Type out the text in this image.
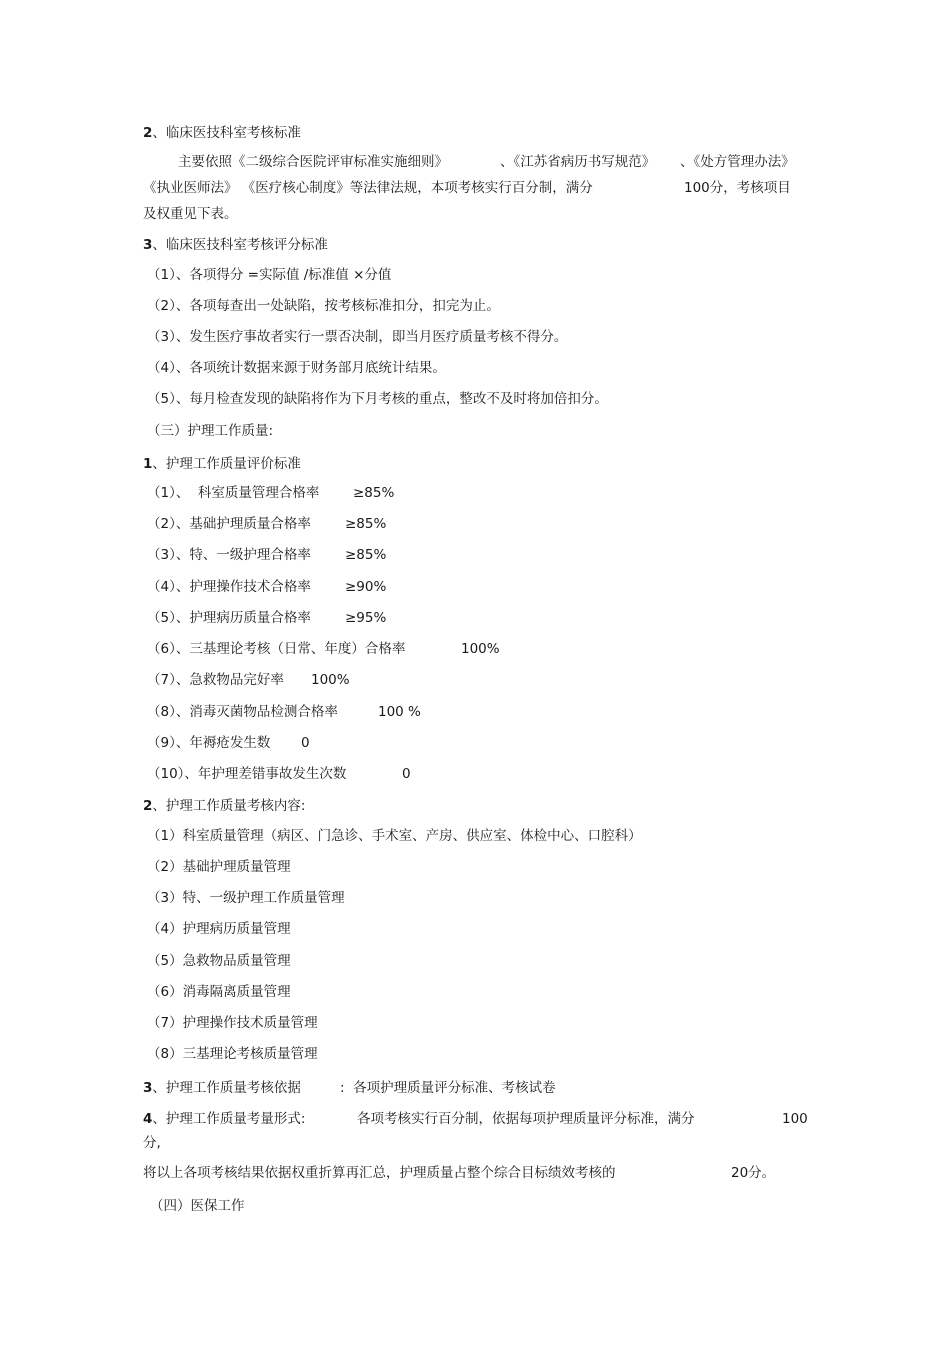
2、临床医技科室考核标准
主要依照《二级综合医院评审标准实施细则》	、《江苏省病历书写规范》 、《处方管理办法》
《执业医师法》 《医疗核心制度》等法律法规，本项考核实行百分制，满分	100分，考核项目
及权重见下表。
3、临床医技科室考核评分标准
（1）、各项得分 =实际值 /标准值 ×分值
（2）、各项每查出一处缺陷，按考核标准扣分，扣完为止。
（3）、发生医疗事故者实行一票否决制，即当月医疗质量考核不得分。
（4）、各项统计数据来源于财务部月底统计结果。
（5）、每月检查发现的缺陷将作为下月考核的重点，整改不及时将加倍扣分。
（三）护理工作质量:
1、护理工作质量评价标准
（1）、  科室质量管理合格率 ≥85%
（2）、基础护理质量合格率	≥85%
（3）、特、一级护理合格率	≥85%
（4）、护理操作技术合格率	≥90%
（5）、护理病历质量合格率	≥95%
（6）、三基理论考核（日常、年度）合格率	100%
（7）、急救物品完好率 100%
（8）、消毒灭菌物品检测合格率	100 %
（9）、年褥疮发生数 0
（10）、年护理差错事故发生次数	0
2、护理工作质量考核内容:
（1）科室质量管理（病区、门急诊、手术室、产房、供应室、体检中心、口腔科）
（2）基础护理质量管理
（3）特、一级护理工作质量管理
（4）护理病历质量管理
（5）急救物品质量管理
（6）消毒隔离质量管理
（7）护理操作技术质量管理
（8）三基理论考核质量管理
3、护理工作质量考核依据	:  各项护理质量评分标准、考核试卷
4、护理工作质量考量形式:	各项考核实行百分制，依据每项护理质量评分标准，满分	100
分,
将以上各项考核结果依据权重折算再汇总，护理质量占整个综合目标绩效考核的	20分。
（四）医保工作
